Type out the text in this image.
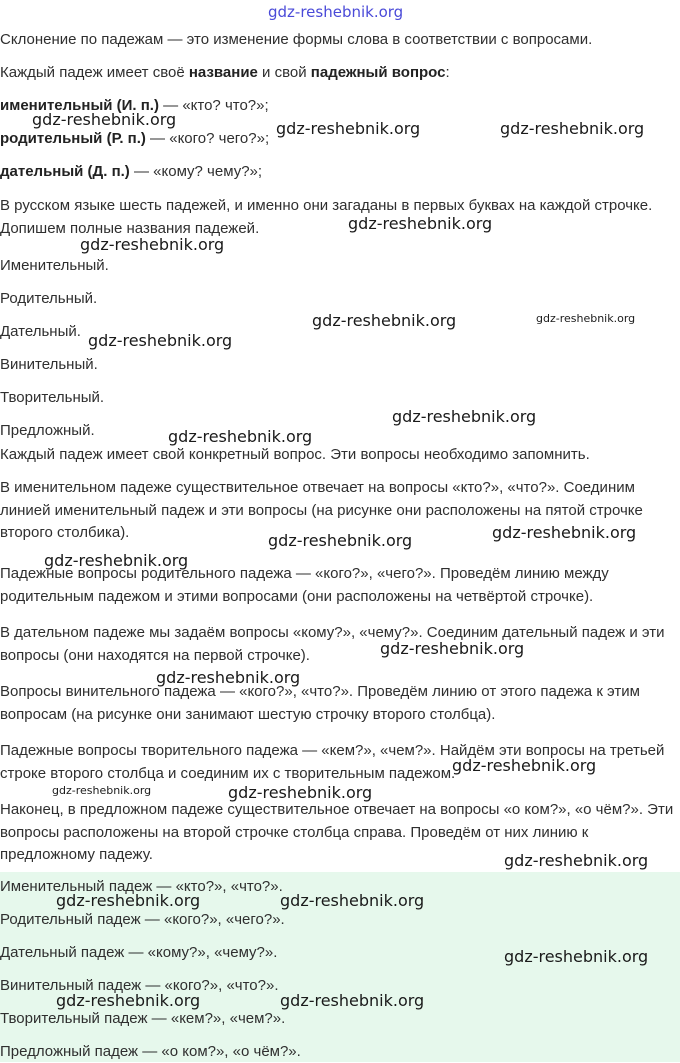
gdz-reshebnik.org
Склонение по падежам — это изменение формы слова в соответствии с вопросами.
Каждый падеж имеет своё название и свой падежный вопрос:
именительный (И. п.) — «кто? что?»;
родительный (Р. п.) — «кого? чего?»;
дательный (Д. п.) — «кому? чему?»;
В русском языке шесть падежей, и именно они загаданы в первых буквах на каждой строчке. Допишем полные названия падежей.
Именительный.
Родительный.
Дательный.
Винительный.
Творительный.
Предложный.
Каждый падеж имеет свой конкретный вопрос. Эти вопросы необходимо запомнить.
В именительном падеже существительное отвечает на вопросы «кто?», «что?». Соединим линией именительный падеж и эти вопросы (на рисунке они расположены на пятой строчке второго столбика).
Падежные вопросы родительного падежа — «кого?», «чего?». Проведём линию между родительным падежом и этими вопросами (они расположены на четвёртой строчке).
В дательном падеже мы задаём вопросы «кому?», «чему?». Соединим дательный падеж и эти вопросы (они находятся на первой строчке).
Вопросы винительного падежа — «кого?», «что?». Проведём линию от этого падежа к этим вопросам (на рисунке они занимают шестую строчку второго столбца).
Падежные вопросы творительного падежа — «кем?», «чем?». Найдём эти вопросы на третьей строке второго столбца и соединим их с творительным падежом.
Наконец, в предложном падеже существительное отвечает на вопросы «о ком?», «о чём?». Эти вопросы расположены на второй строчке столбца справа. Проведём от них линию к предложному падежу.
Именительный падеж — «кто?», «что?».
Родительный падеж — «кого?», «чего?».
Дательный падеж — «кому?», «чему?».
Винительный падеж — «кого?», «что?».
Творительный падеж — «кем?», «чем?».
Предложный падеж — «о ком?», «о чём?».
gdz-reshebnik.org	gdz-reshebnik.org	gdz-reshebnik.org
gdz-reshebnik.org
gdz-reshebnik.org
gdz-reshebnik.org	gdz-reshebnik.org
gdz-reshebnik.org
gdz-reshebnik.org
gdz-reshebnik.org
gdz-reshebnik.org	gdz-reshebnik.org
gdz-reshebnik.org
gdz-reshebnik.org
gdz-reshebnik.org
gdz-reshebnik.org
gdz-reshebnik.org	gdz-reshebnik.org
gdz-reshebnik.org
gdz-reshebnik.org	gdz-reshebnik.org
gdz-reshebnik.org
gdz-reshebnik.org	gdz-reshebnik.org
